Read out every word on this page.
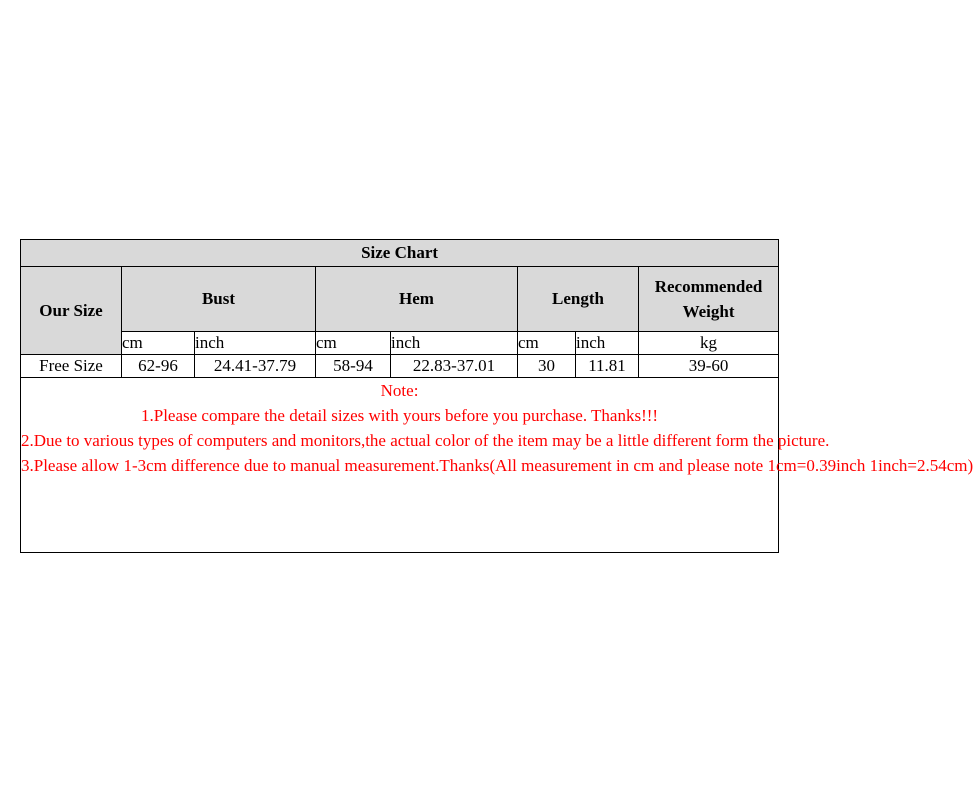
Size Chart							
Our Size	Bust		Hem		Length		Recommended Weight
	cm	inch	cm	inch	cm	inch	kg
Free Size	62-96	24.41-37.79	58-94	22.83-37.01	30	11.81	39-60

Note:
1.Please compare the detail sizes with yours before you purchase. Thanks!!!
2.Due to various types of computers and monitors,the actual color of the item may be a little different form the picture.
3.Please allow 1-3cm difference due to manual measurement.Thanks(All measurement in cm and please note 1cm=0.39inch 1inch=2.54cm)							
